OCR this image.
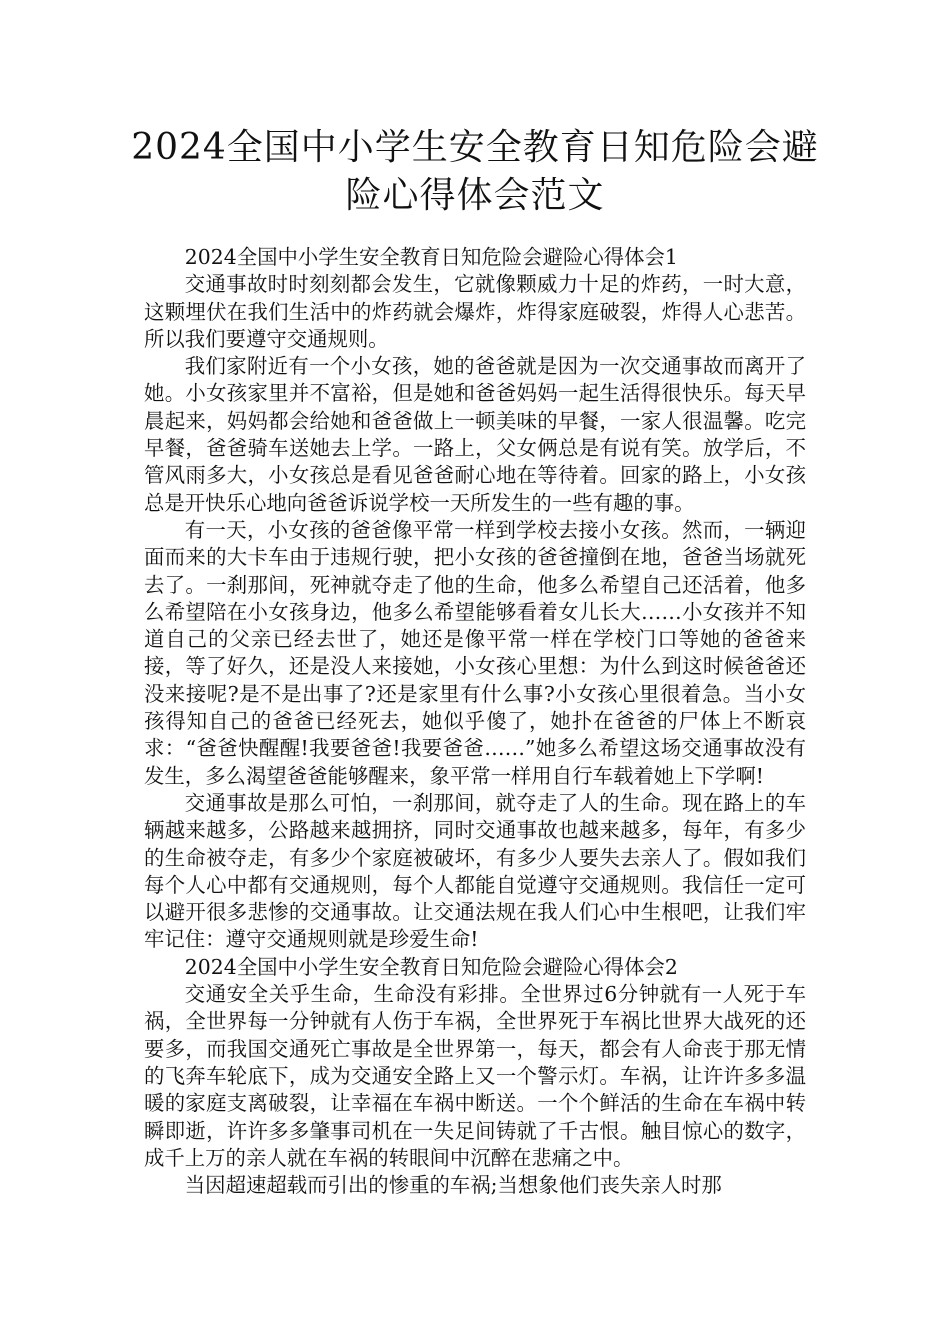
2024全国中小学生安全教育日知危险会避险心得体会范文

2024全国中小学生安全教育日知危险会避险心得体会1

交通事故时时刻刻都会发生，它就像颗威力十足的炸药，一时大意，这颗埋伏在我们生活中的炸药就会爆炸，炸得家庭破裂，炸得人心悲苦。所以我们要遵守交通规则。

我们家附近有一个小女孩，她的爸爸就是因为一次交通事故而离开了她。小女孩家里并不富裕，但是她和爸爸妈妈一起生活得很快乐。每天早晨起来，妈妈都会给她和爸爸做上一顿美味的早餐，一家人很温馨。吃完早餐，爸爸骑车送她去上学。一路上，父女俩总是有说有笑。放学后，不管风雨多大，小女孩总是看见爸爸耐心地在等待着。回家的路上，小女孩总是开快乐心地向爸爸诉说学校一天所发生的一些有趣的事。

有一天，小女孩的爸爸像平常一样到学校去接小女孩。然而，一辆迎面而来的大卡车由于违规行驶，把小女孩的爸爸撞倒在地，爸爸当场就死去了。一刹那间，死神就夺走了他的生命，他多么希望自己还活着，他多么希望陪在小女孩身边，他多么希望能够看着女儿长大……小女孩并不知道自己的父亲已经去世了，她还是像平常一样在学校门口等她的爸爸来接，等了好久，还是没人来接她，小女孩心里想：为什么到这时候爸爸还没来接呢?是不是出事了?还是家里有什么事?小女孩心里很着急。当小女孩得知自己的爸爸已经死去，她似乎傻了，她扑在爸爸的尸体上不断哀求：“爸爸快醒醒!我要爸爸!我要爸爸……”她多么希望这场交通事故没有发生，多么渴望爸爸能够醒来，象平常一样用自行车载着她上下学啊!

交通事故是那么可怕，一刹那间，就夺走了人的生命。现在路上的车辆越来越多，公路越来越拥挤，同时交通事故也越来越多，每年，有多少的生命被夺走，有多少个家庭被破坏，有多少人要失去亲人了。假如我们每个人心中都有交通规则，每个人都能自觉遵守交通规则。我信任一定可以避开很多悲惨的交通事故。让交通法规在我人们心中生根吧，让我们牢牢记住：遵守交通规则就是珍爱生命!

2024全国中小学生安全教育日知危险会避险心得体会2

交通安全关乎生命，生命没有彩排。全世界过6分钟就有一人死于车祸，全世界每一分钟就有人伤于车祸，全世界死于车祸比世界大战死的还要多，而我国交通死亡事故是全世界第一，每天，都会有人命丧于那无情的飞奔车轮底下，成为交通安全路上又一个警示灯。车祸，让许许多多温暖的家庭支离破裂，让幸福在车祸中断送。一个个鲜活的生命在车祸中转瞬即逝，许许多多肇事司机在一失足间铸就了千古恨。触目惊心的数字，成千上万的亲人就在车祸的转眼间中沉醉在悲痛之中。

当因超速超载而引出的惨重的车祸;当想象他们丧失亲人时那
